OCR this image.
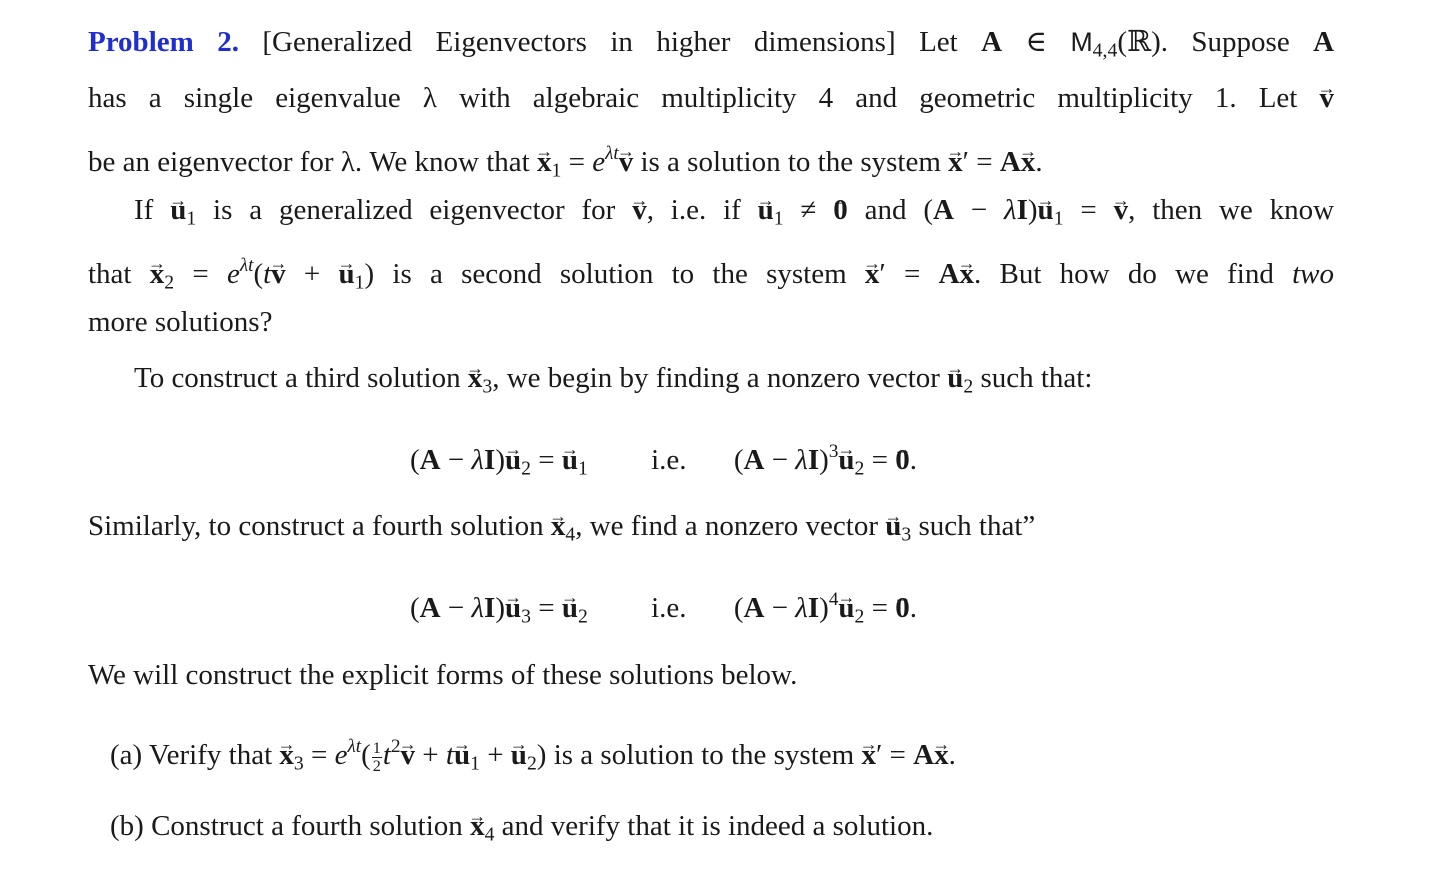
Problem 2. [Generalized Eigenvectors in higher dimensions] Let A ∈ $M_{4,4}(ℝ)$. Suppose A
has a single eigenvalue λ with algebraic multiplicity 4 and geometric multiplicity 1. Let v →
be an eigenvector for λ. We know that $x \to_1 = e^{\lambda t}v$ → is a solution to the system x →′ = Ax →.
If $u \to_1$ is a generalized eigenvector for v →, i.e. if $u \to_1 \ne 0$ → and $(A - \lambda I)u \to_1 = v$ →, then we know
that $x \to_2 = e^{\lambda t}(tv$ → + $u \to_1$) is a second solution to the system x →′ = Ax →. But how do we find two
more solutions?
To construct a third solution $x \to_3$, we begin by finding a nonzero vector $u \to_2$ such that:
$(A - \lambda I)u \to_2 = u \to_1$ i.e. $(A - \lambda I)^3u \to_2 = 0$ →.
Similarly, to construct a fourth solution $x \to_4$, we find a nonzero vector $u \to_3$ such that”
$(A - \lambda I)u \to_3 = u \to_2$ i.e. $(A - \lambda I)^4u \to_2 = 0$ →.
We will construct the explicit forms of these solutions below.
(a) Verify that $x \to_3 = e^{\lambda t}( \frac{1}{2} t^2v$ → + tu $\to_1 + u \to_2$) is a solution to the system x →′ = Ax →.
(b) Construct a fourth solution $x \to_4$ and verify that it is indeed a solution.
